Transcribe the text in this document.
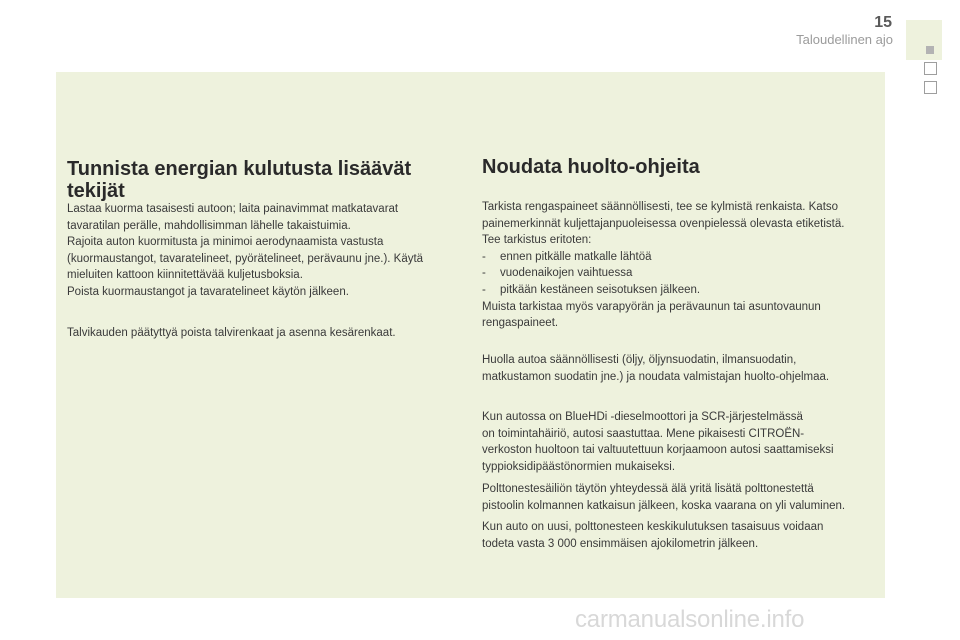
15
Taloudellinen ajo
Tunnista energian kulutusta lisäävät tekijät

Lastaa kuorma tasaisesti autoon; laita painavimmat matkatavarat

tavaratilan perälle, mahdollisimman lähelle takaistuimia.

Rajoita auton kuormitusta ja minimoi aerodynaamista vastusta

(kuormaustangot, tavaratelineet, pyörätelineet, perävaunu jne.). Käytä

mieluiten kattoon kiinnitettävää kuljetusboksia.

Poista kuormaustangot ja tavaratelineet käytön jälkeen.

Talvikauden päätyttyä poista talvirenkaat ja asenna kesärenkaat.

Noudata huolto-ohjeita

Tarkista rengaspaineet säännöllisesti, tee se kylmistä renkaista. Katso

painemerkinnät kuljettajanpuoleisessa ovenpielessä olevasta etiketistä.

Tee tarkistus eritoten:

-	ennen pitkälle matkalle lähtöä
-	vuodenaikojen vaihtuessa
-	pitkään kestäneen seisotuksen jälkeen.

Muista tarkistaa myös varapyörän ja perävaunun tai asuntovaunun

rengaspaineet.

Huolla autoa säännöllisesti (öljy, öljynsuodatin, ilmansuodatin,

matkustamon suodatin jne.) ja noudata valmistajan huolto-ohjelmaa.

Kun autossa on BlueHDi -dieselmoottori ja SCR-järjestelmässä

on toimintahäiriö, autosi saastuttaa. Mene pikaisesti CITROËN-

verkoston huoltoon tai valtuutettuun korjaamoon autosi saattamiseksi

typpioksidipäästönormien mukaiseksi.

Polttonestesäiliön täytön yhteydessä älä yritä lisätä polttonestettä

pistoolin kolmannen katkaisun jälkeen, koska vaarana on yli valuminen.

Kun auto on uusi, polttonesteen keskikulutuksen tasaisuus voidaan

todeta vasta 3 000 ensimmäisen ajokilometrin jälkeen.

carmanualsonline.info
